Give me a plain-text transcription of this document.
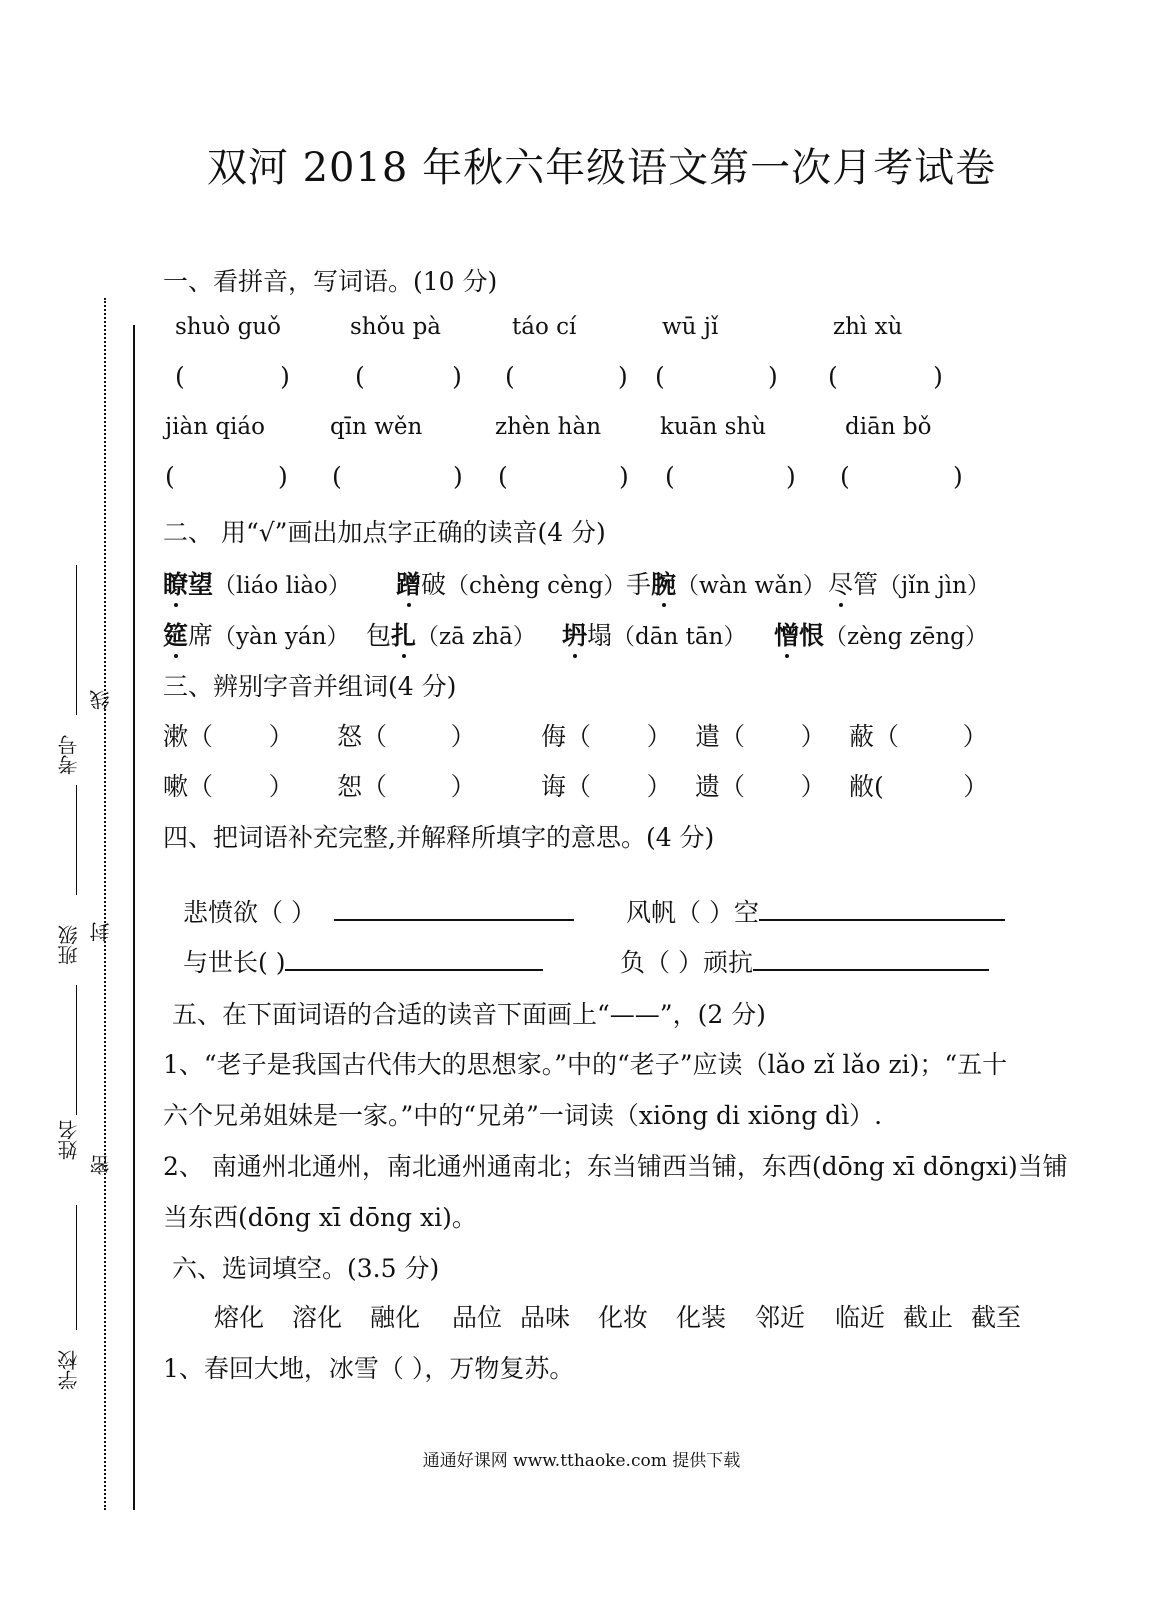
双河 2018 年秋六年级语文第一次月考试卷
考号
线
班级 封
姓名
密
学校
一、看拼音，写词语。(10 分)
shuò guǒ	shǒu pà	táo cí	wū jǐ	zhì xù
(            )	(           ) (             ) (             ) (            )
jiàn qiáo	qīn wěn	zhèn hàn	kuān shù	diān bǒ
(             ) (              ) (              ) (              ) (             )
二、 用“√”画出加点字正确的读音(4 分)
瞭望（liáo liào） 蹭破（chèng cèng） 手腕（wàn wǎn） 尽管（jǐn jìn）
筵席（yàn yán） 包扎（zā zhā） 坍塌（dān tān） 憎恨（zèng zēng）
三、辨别字音并组词(4 分)
漱（       ） 怒（        ）	侮（       ） 遣（       ） 蔽（        ）
嗽（       ） 恕（        ）	诲（       ） 遗（       ） 敝(          ）
四、把词语补充完整,并解释所填字的意思。(4 分)
悲愤欲（ ）	风帆（ ）空
与世长( )	负（ ）顽抗
五、在下面词语的合适的读音下面画上“——”，(2 分)
1、“老子是我国古代伟大的思想家。”中的“老子”应读（lǎo zǐ lǎo zi)；“五十
六个兄弟姐妹是一家。”中的“兄弟”一词读（xiōng di xiōng dì）.
2、 南通州北通州，南北通州通南北；东当铺西当铺，东西(dōng xī dōngxi)当铺
当东西(dōng xī dōng xi)。
六、选词填空。(3.5 分)
熔化 溶化 融化 品位 品味 化妆 化装 邻近 临近 截止 截至
1、春回大地，冰雪（ ），万物复苏。
通通好课网 www.tthaoke.com 提供下载
